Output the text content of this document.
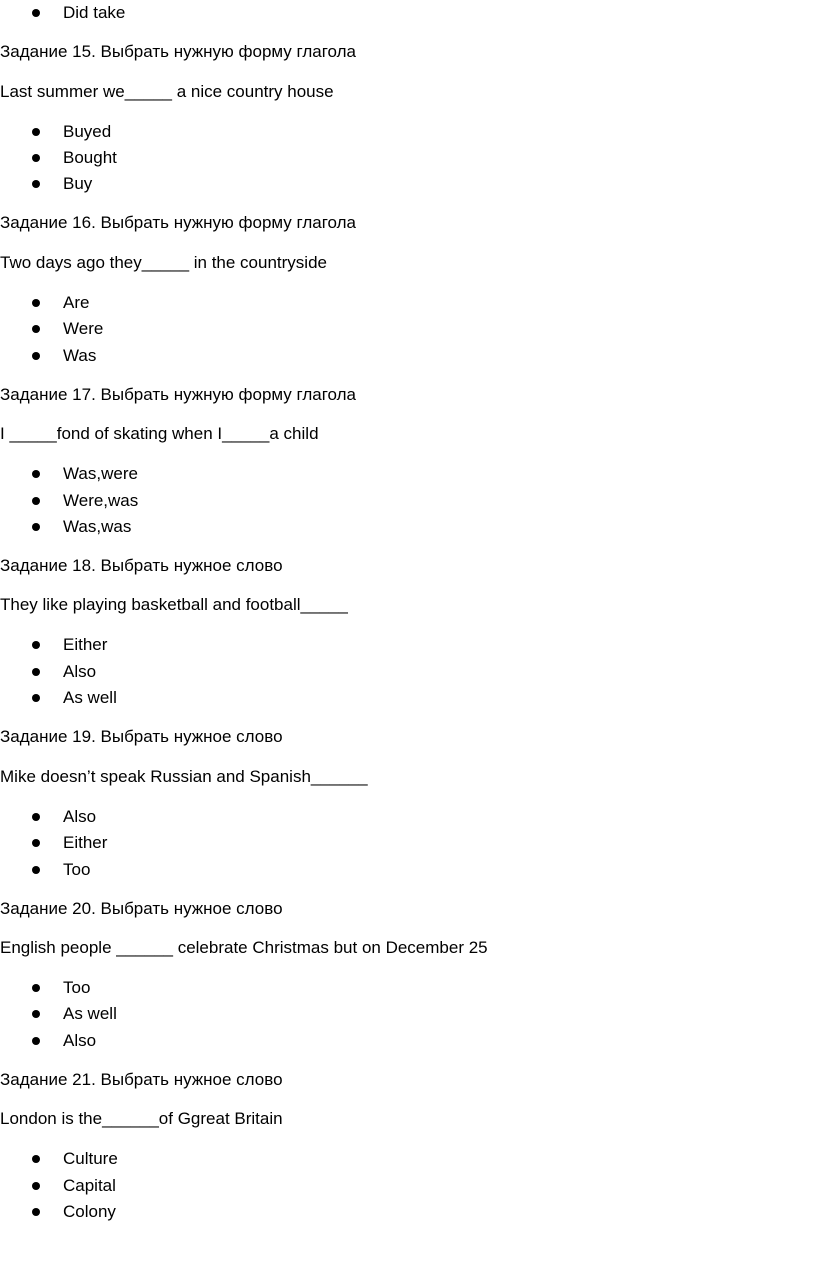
Did take
Задание 15. Выбрать нужную форму глагола
Last summer we_____ a nice country house
Buyed
Bought
Buy
Задание 16. Выбрать нужную форму глагола
Two days ago they_____ in the countryside
Are
Were
Was
Задание 17. Выбрать нужную форму глагола
I _____fond of skating when I_____a child
Was,were
Were,was
Was,was
Задание 18. Выбрать нужное слово
They like playing basketball and football_____
Either
Also
As well
Задание 19. Выбрать нужное слово
Mike doesn’t speak Russian and Spanish______
Also
Either
Too
Задание 20. Выбрать нужное слово
English people ______ celebrate Christmas but on December 25
Too
As well
Also
Задание 21. Выбрать нужное слово
London is the______of Ggreat Britain
Culture
Capital
Colony
